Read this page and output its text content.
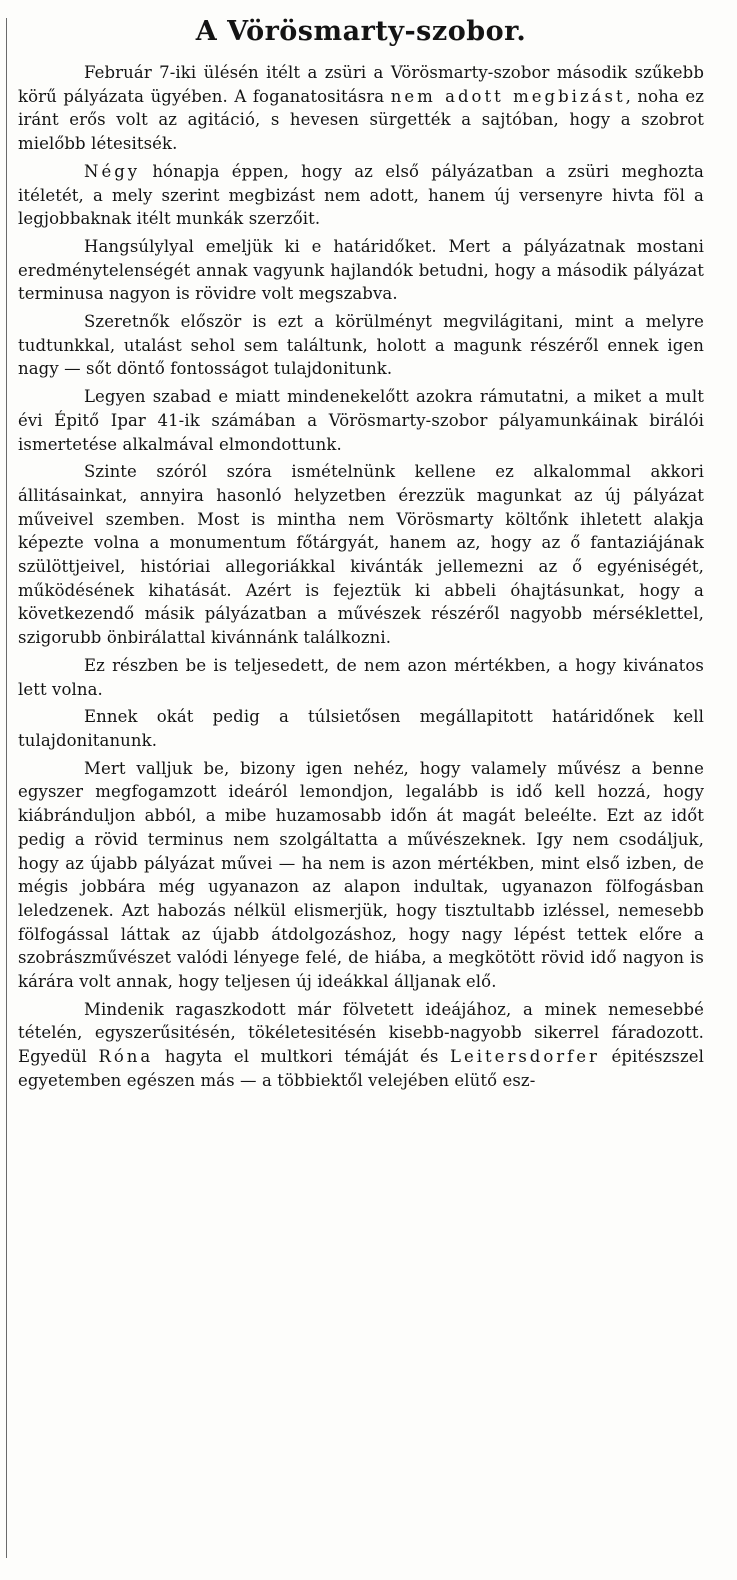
A Vörösmarty-szobor.

Február 7-iki ülésén itélt a zsüri a Vörösmarty-szobor második szűkebb körű pályázata ügyében. A foganatositásra nem adott megbizást, noha ez iránt erős volt az agitáció, s hevesen sürgették a sajtóban, hogy a szobrot mielőbb létesitsék.

Négy hónapja éppen, hogy az első pályázatban a zsüri meghozta itéletét, a mely szerint megbizást nem adott, hanem új versenyre hivta föl a legjobbaknak itélt munkák szerzőit.

Hangsúlylyal emeljük ki e határidőket. Mert a pályázatnak mostani eredménytelenségét annak vagyunk hajlandók betudni, hogy a második pályázat terminusa nagyon is rövidre volt megszabva.

Szeretnők először is ezt a körülményt megvilágitani, mint a melyre tudtunkkal, utalást sehol sem találtunk, holott a magunk részéről ennek igen nagy — sőt döntő fontosságot tulajdonitunk.

Legyen szabad e miatt mindenekelőtt azokra rámutatni, a miket a mult évi Épitő Ipar 41-ik számában a Vörösmarty-szobor pályamunkáinak birálói ismertetése alkalmával elmondottunk.

Szinte szóról szóra ismételnünk kellene ez alkalommal akkori állitásainkat, annyira hasonló helyzetben érezzük magunkat az új pályázat műveivel szemben. Most is mintha nem Vörösmarty költőnk ihletett alakja képezte volna a monumentum főtárgyát, hanem az, hogy az ő fantaziájának szülöttjeivel, históriai allegoriákkal kivánták jellemezni az ő egyéniségét, működésének kihatását. Azért is fejeztük ki abbeli óhajtásunkat, hogy a következendő másik pályázatban a művészek részéről nagyobb mérséklettel, szigorubb önbirálattal kivánnánk találkozni.

Ez részben be is teljesedett, de nem azon mértékben, a hogy kivánatos lett volna.

Ennek okát pedig a túlsietősen megállapitott határidőnek kell tulajdonitanunk.

Mert valljuk be, bizony igen nehéz, hogy valamely művész a benne egyszer megfogamzott ideáról lemondjon, legalább is idő kell hozzá, hogy kiábránduljon abból, a mibe huzamosabb időn át magát beleélte. Ezt az időt pedig a rövid terminus nem szolgáltatta a művészeknek. Igy nem csodáljuk, hogy az újabb pályázat művei — ha nem is azon mértékben, mint első izben, de mégis jobbára még ugyanazon az alapon indultak, ugyanazon fölfogásban leledzenek. Azt habozás nélkül elismerjük, hogy tisztultabb izléssel, nemesebb fölfogással láttak az újabb átdolgozáshoz, hogy nagy lépést tettek előre a szobrászművészet valódi lényege felé, de hiába, a megkötött rövid idő nagyon is kárára volt annak, hogy teljesen új ideákkal álljanak elő.

Mindenik ragaszkodott már fölvetett ideájához, a minek nemesebbé tételén, egyszerűsitésén, tökéletesitésén kisebb-nagyobb sikerrel fáradozott. Egyedül Róna hagyta el multkori témáját és Leitersdorfer épitészszel egyetemben egészen más — a többiektől velejében elütő esz-
